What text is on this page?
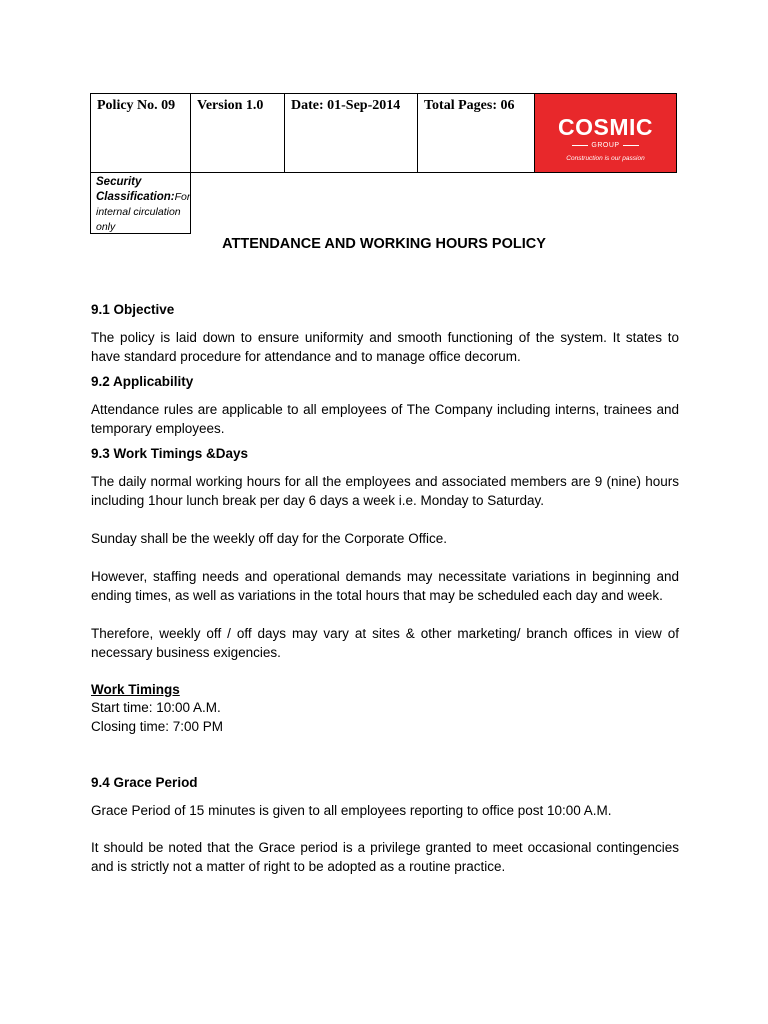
Policy No. 09	Version 1.0	Date: 01-Sep-2014	Total Pages: 06
COSMIC
GROUP
Construction is our passion
Security Classification:For internal circulation only
ATTENDANCE AND WORKING HOURS POLICY
9.1 Objective
The policy is laid down to ensure uniformity and smooth functioning of the system. It states to have standard procedure for attendance and to manage office decorum.
9.2 Applicability
Attendance rules are applicable to all employees of The Company including interns, trainees and temporary employees.
9.3 Work Timings &Days
The daily normal working hours for all the employees and associated members are 9 (nine) hours including 1hour lunch break per day 6 days a week i.e. Monday to Saturday.
Sunday shall be the weekly off day for the Corporate Office.
However, staffing needs and operational demands may necessitate variations in beginning and ending times, as well as variations in the total hours that may be scheduled each day and week.
Therefore, weekly off / off days may vary at sites & other marketing/ branch offices in view of necessary business exigencies.
Work Timings
Start time: 10:00 A.M.
Closing time: 7:00 PM
9.4 Grace Period
Grace Period of 15 minutes is given to all employees reporting to office post 10:00 A.M.
It should be noted that the Grace period is a privilege granted to meet occasional contingencies and is strictly not a matter of right to be adopted as a routine practice.
